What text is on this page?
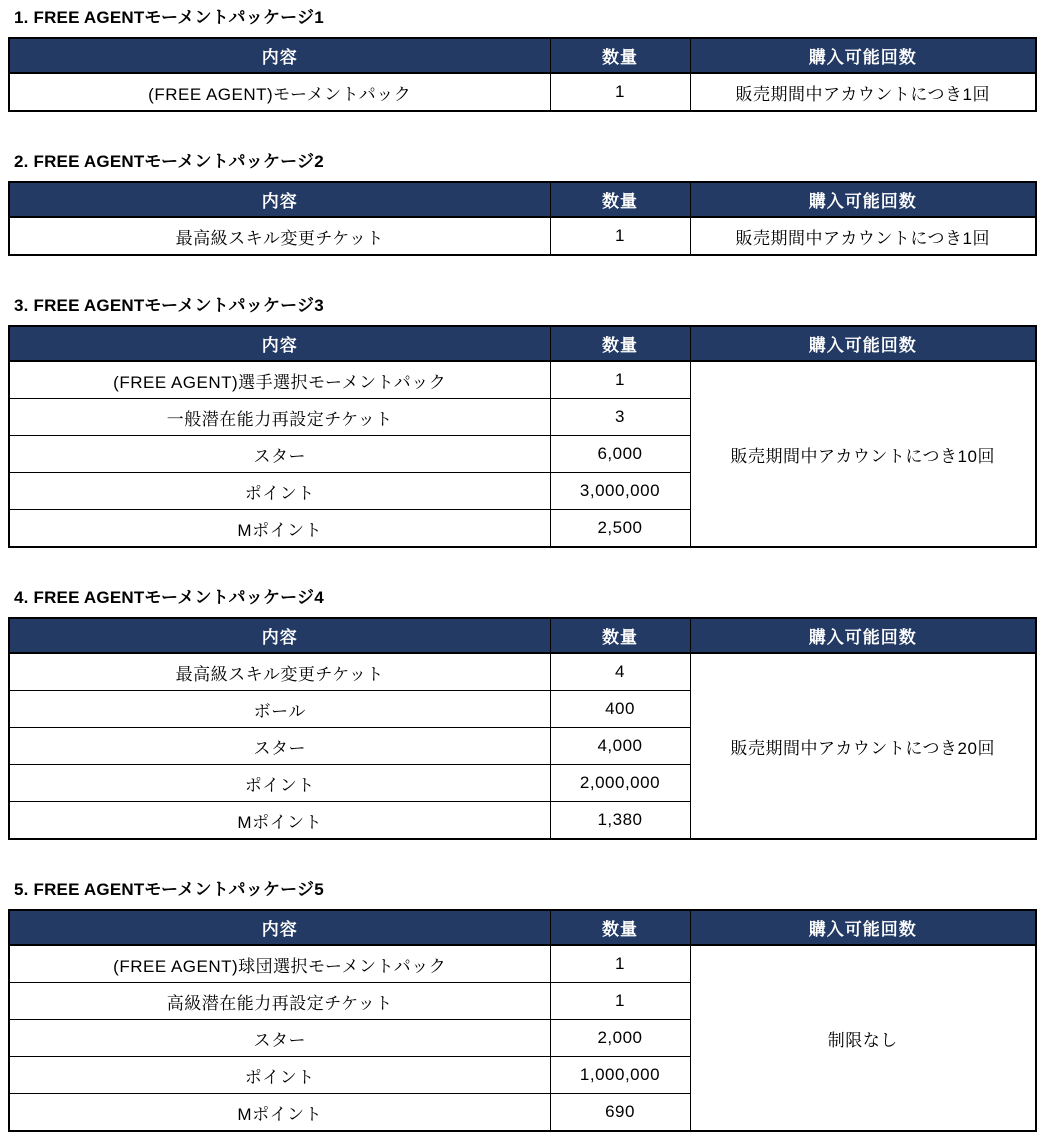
1. FREE AGENTモーメントパッケージ1
内容	数量	購入可能回数
(FREE AGENT)モーメントパック	1	販売期間中アカウントにつき1回
2. FREE AGENTモーメントパッケージ2
内容	数量	購入可能回数
最高級スキル変更チケット	1	販売期間中アカウントにつき1回
3. FREE AGENTモーメントパッケージ3
内容	数量	購入可能回数
(FREE AGENT)選手選択モーメントパック	1	販売期間中アカウントにつき10回
一般潜在能力再設定チケット	3	
スター	6,000	
ポイント	3,000,000	
Mポイント	2,500	
4. FREE AGENTモーメントパッケージ4
内容	数量	購入可能回数
最高級スキル変更チケット	4	販売期間中アカウントにつき20回
ボール	400	
スター	4,000	
ポイント	2,000,000	
Mポイント	1,380	
5. FREE AGENTモーメントパッケージ5
内容	数量	購入可能回数
(FREE AGENT)球団選択モーメントパック	1	制限なし
高級潜在能力再設定チケット	1	
スター	2,000	
ポイント	1,000,000	
Mポイント	690	
